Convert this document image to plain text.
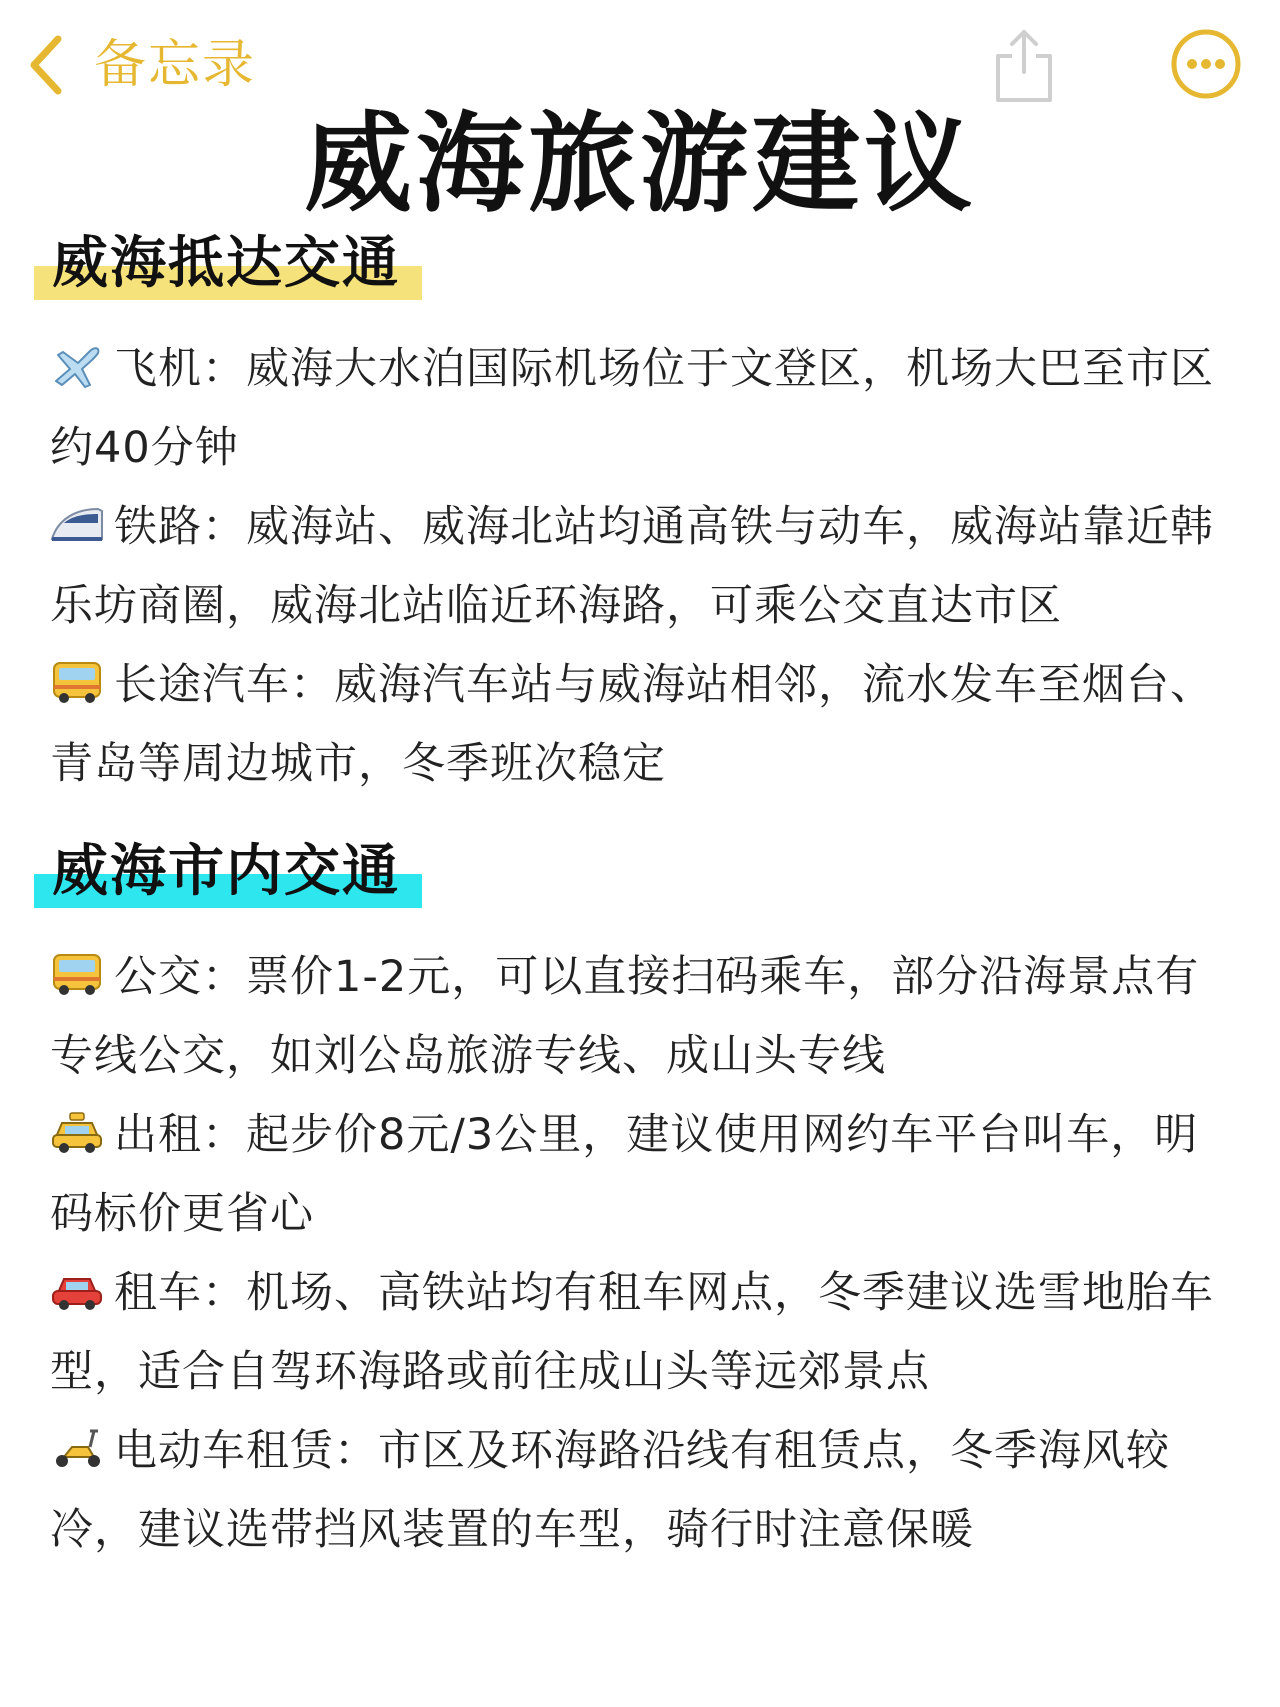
备忘录
威海旅游建议
威海抵达交通
飞机：威海大水泊国际机场位于文登区，机场大巴至市区约40分钟
铁路：威海站、威海北站均通高铁与动车，威海站靠近韩乐坊商圈，威海北站临近环海路，可乘公交直达市区
长途汽车：威海汽车站与威海站相邻，流水发车至烟台、青岛等周边城市，冬季班次稳定
威海市内交通
公交：票价1-2元，可以直接扫码乘车，部分沿海景点有专线公交，如刘公岛旅游专线、成山头专线
出租：起步价8元/3公里，建议使用网约车平台叫车，明码标价更省心
租车：机场、高铁站均有租车网点，冬季建议选雪地胎车型，适合自驾环海路或前往成山头等远郊景点
电动车租赁：市区及环海路沿线有租赁点，冬季海风较冷，建议选带挡风装置的车型，骑行时注意保暖
